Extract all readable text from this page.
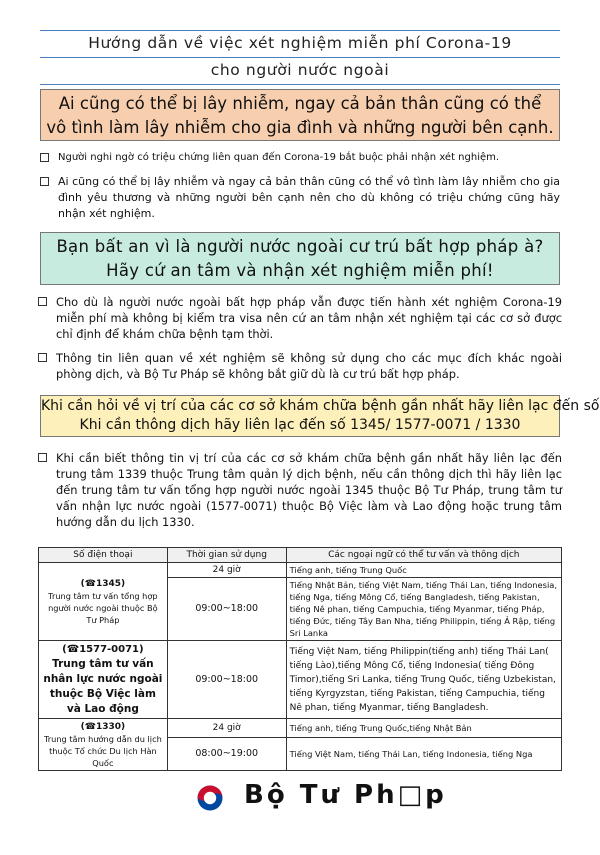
Hướng dẫn về việc xét nghiệm miễn phí Corona-19
cho người nước ngoài
Ai cũng có thể bị lây nhiễm, ngay cả bản thân cũng có thể
vô tình làm lây nhiễm cho gia đình và những người bên cạnh.
Người nghi ngờ có triệu chứng liên quan đến Corona-19 bắt buộc phải nhận xét nghiệm.
Ai cũng có thể bị lây nhiễm và ngay cả bản thân cũng có thể vô tình làm lây nhiễm cho gia đình yêu thương và những người bên cạnh nên cho dù không có triệu chứng cũng hãy nhận xét nghiệm.
Bạn bất an vì là người nước ngoài cư trú bất hợp pháp à?
Hãy cứ an tâm và nhận xét nghiệm miễn phí!
Cho dù là người nước ngoài bất hợp pháp vẫn được tiến hành xét nghiệm Corona-19 miễn phí mà không bị kiểm tra visa nên cứ an tâm nhận xét nghiệm tại các cơ sở được chỉ định để khám chữa bệnh tạm thời.
Thông tin liên quan về xét nghiệm sẽ không sử dụng cho các mục đích khác ngoài phòng dịch, và Bộ Tư Pháp sẽ không bắt giữ dù là cư trú bất hợp pháp.
Khi cần hỏi về vị trí của các cơ sở khám chữa bệnh gần nhất hãy liên lạc đến số
Khi cần thông dịch hãy liên lạc đến số 1345/ 1577-0071 / 1330
Khi cần biết thông tin vị trí của các cơ sở khám chữa bệnh gần nhất hãy liên lạc đến trung tâm 1339 thuộc Trung tâm quản lý dịch bệnh, nếu cần thông dịch thì hãy liên lạc đến trung tâm tư vấn tổng hợp người nước ngoài 1345 thuộc Bộ Tư Pháp, trung tâm tư vấn nhận lực nước ngoài (1577-0071) thuộc Bộ Việc làm và Lao động hoặc trung tâm hướng dẫn du lịch 1330.
Số điện thoại	Thời gian sử dụng	Các ngoại ngữ có thể tư vấn và thông dịch
(☎1345)
Trung tâm tư vấn tổng hợp người nước ngoài thuộc Bộ Tư Pháp	24 giờ	Tiếng anh, tiếng Trung Quốc
	09:00~18:00	Tiếng Nhật Bản, tiếng Việt Nam, tiếng Thái Lan, tiếng Indonesia, tiếng Nga, tiếng Mông Cổ, tiếng Bangladesh, tiếng Pakistan, tiếng Nê phan, tiếng Campuchia, tiếng Myanmar, tiếng Pháp, tiếng Đức, tiếng Tây Ban Nha, tiếng Philippin, tiếng Ả Rập, tiếng Sri Lanka
(☎1577-0071)
Trung tâm tư vấn nhân lực nước ngoài thuộc Bộ Việc làm và Lao động	09:00~18:00	Tiếng Việt Nam, tiếng Philippin(tiếng anh) tiếng Thái Lan( tiếng Lào),tiếng Mông Cổ, tiếng Indonesia( tiếng Đông Timor),tiếng Sri Lanka, tiếng Trung Quốc, tiếng Uzbekistan, tiếng Kyrgyzstan, tiếng Pakistan, tiếng Campuchia, tiếng Nê phan, tiếng Myanmar, tiếng Bangladesh.
(☎1330)
Trung tâm hướng dẫn du lịch thuộc Tổ chức Du lịch Hàn Quốc	24 giờ	Tiếng anh, tiếng Trung Quốc,tiếng Nhật Bản
	08:00~19:00	Tiếng Việt Nam, tiếng Thái Lan, tiếng Indonesia, tiếng Nga
Bộ Tư Ph□p
